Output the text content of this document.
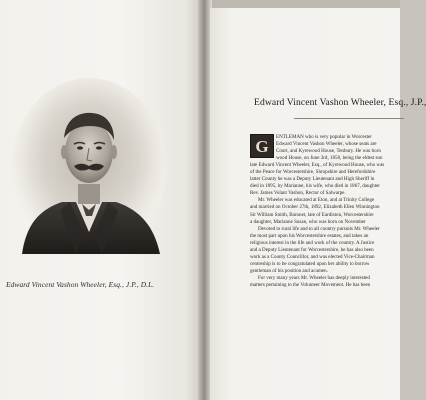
Edward Vincent Vashon Wheeler, Esq., J.P., D.L.
Edward Vincent Vashon Wheeler, Esq., J.P.,
ENTLEMAN who is very popular in Worcester
Edward Vincent Vashon Wheeler, whose seats are
Court, and Kyrewood House, Tenbury. He was born
wood House, on June 3rd, 1858, being the eldest son
late Edward Vincent Wheeler, Esq., of Kyrewood House, who was
of the Peace for Worcestershire, Shropshire and Herefordshire
latter County he was a Deputy Lieutenant and High Sheriff in
died in 1895, by Marianne, his wife, who died in 1867, daughter
Rev. James Volant Vashon, Rector of Salwarpe.
Mr. Wheeler was educated at Eton, and at Trinity College
and married on October 27th, 1892, Elizabeth Ellen Winnington
Sir William Smith, Baronet, late of Eardiston, Worcestershire
a daughter, Marianne Susan, who was born on November
Devoted to rural life and to all country pursuits Mr. Wheeler
the most part upon his Worcestershire estates, and takes an
religious interest in the life and work of the country. A Justice
and a Deputy Lieutenant for Worcestershire, he has also been
work as a County Councillor, and was elected Vice-Chairman
centreship is to be congratulated upon her ability to borrow
gentleman of his position and acumen.
For very many years Mr. Wheeler has deeply interested
matters pertaining to the Volunteer Movement. He has been
G
